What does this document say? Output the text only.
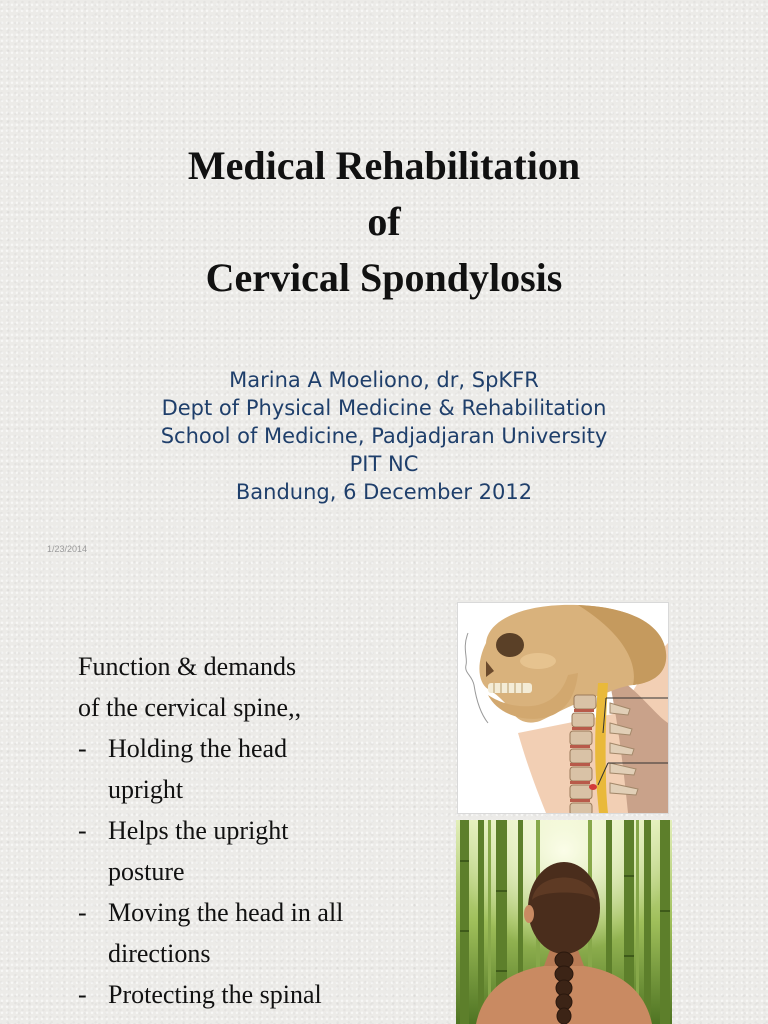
Medical Rehabilitation
of
Cervical Spondylosis
Marina A Moeliono, dr, SpKFR
Dept of Physical Medicine & Rehabilitation
School of Medicine, Padjadjaran University
PIT NC
Bandung, 6 December 2012
1/23/2014
Function & demands
of the cervical spine,,
- Holding the head
upright
- Helps the upright
posture
- Moving the head in all
directions
- Protecting the spinal
